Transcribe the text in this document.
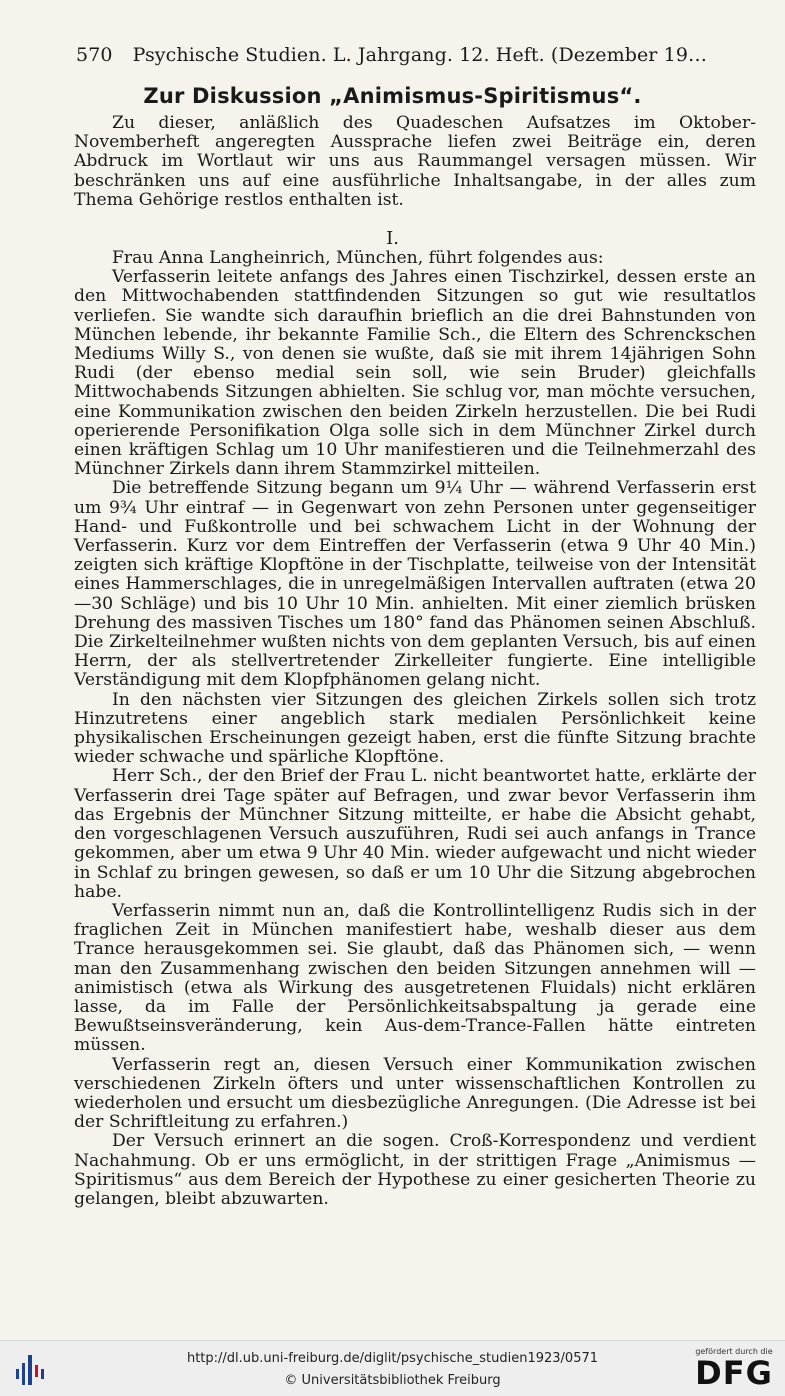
570 Psychische Studien. L. Jahrgang. 12. Heft. (Dezember 19…
Zur Diskussion „Animismus-Spiritismus“.

Zu dieser, anläßlich des Quadeschen Aufsatzes im Oktober-Novemberheft angeregten Aussprache liefen zwei Beiträge ein, deren Abdruck im Wortlaut wir uns aus Raummangel versagen müssen. Wir beschränken uns auf eine ausführliche Inhaltsangabe, in der alles zum Thema Gehörige restlos enthalten ist.

I.

Frau Anna Langheinrich, München, führt folgendes aus:

Verfasserin leitete anfangs des Jahres einen Tischzirkel, dessen erste an den Mittwochabenden stattfindenden Sitzungen so gut wie resultatlos verliefen. Sie wandte sich daraufhin brieflich an die drei Bahnstunden von München lebende, ihr bekannte Familie Sch., die Eltern des Schrenckschen Mediums Willy S., von denen sie wußte, daß sie mit ihrem 14jährigen Sohn Rudi (der ebenso medial sein soll, wie sein Bruder) gleichfalls Mittwochabends Sitzungen abhielten. Sie schlug vor, man möchte versuchen, eine Kommunikation zwischen den beiden Zirkeln herzustellen. Die bei Rudi operierende Personifikation Olga solle sich in dem Münchner Zirkel durch einen kräftigen Schlag um 10 Uhr manifestieren und die Teilnehmerzahl des Münchner Zirkels dann ihrem Stammzirkel mitteilen.

Die betreffende Sitzung begann um 9¼ Uhr — während Verfasserin erst um 9¾ Uhr eintraf — in Gegenwart von zehn Personen unter gegenseitiger Hand- und Fußkontrolle und bei schwachem Licht in der Wohnung der Verfasserin. Kurz vor dem Eintreffen der Verfasserin (etwa 9 Uhr 40 Min.) zeigten sich kräftige Klopftöne in der Tischplatte, teilweise von der Intensität eines Hammerschlages, die in unregelmäßigen Intervallen auftraten (etwa 20—30 Schläge) und bis 10 Uhr 10 Min. anhielten. Mit einer ziemlich brüsken Drehung des massiven Tisches um 180° fand das Phänomen seinen Abschluß. Die Zirkelteilnehmer wußten nichts von dem geplanten Versuch, bis auf einen Herrn, der als stellvertretender Zirkelleiter fungierte. Eine intelligible Verständigung mit dem Klopfphänomen gelang nicht.

In den nächsten vier Sitzungen des gleichen Zirkels sollen sich trotz Hinzutretens einer angeblich stark medialen Persönlichkeit keine physikalischen Erscheinungen gezeigt haben, erst die fünfte Sitzung brachte wieder schwache und spärliche Klopftöne.

Herr Sch., der den Brief der Frau L. nicht beantwortet hatte, erklärte der Verfasserin drei Tage später auf Befragen, und zwar bevor Verfasserin ihm das Ergebnis der Münchner Sitzung mitteilte, er habe die Absicht gehabt, den vorgeschlagenen Versuch auszuführen, Rudi sei auch anfangs in Trance gekommen, aber um etwa 9 Uhr 40 Min. wieder aufgewacht und nicht wieder in Schlaf zu bringen gewesen, so daß er um 10 Uhr die Sitzung abgebrochen habe.

Verfasserin nimmt nun an, daß die Kontrollintelligenz Rudis sich in der fraglichen Zeit in München manifestiert habe, weshalb dieser aus dem Trance herausgekommen sei. Sie glaubt, daß das Phänomen sich, — wenn man den Zusammenhang zwischen den beiden Sitzungen annehmen will — animistisch (etwa als Wirkung des ausgetretenen Fluidals) nicht erklären lasse, da im Falle der Persönlichkeitsabspaltung ja gerade eine Bewußtseinsveränderung, kein Aus-dem-Trance-Fallen hätte eintreten müssen.

Verfasserin regt an, diesen Versuch einer Kommunikation zwischen verschiedenen Zirkeln öfters und unter wissenschaftlichen Kontrollen zu wiederholen und ersucht um diesbezügliche Anregungen. (Die Adresse ist bei der Schriftleitung zu erfahren.)

Der Versuch erinnert an die sogen. Croß-Korrespondenz und verdient Nachahmung. Ob er uns ermöglicht, in der strittigen Frage „Animismus — Spiritismus“ aus dem Bereich der Hypothese zu einer gesicherten Theorie zu gelangen, bleibt abzuwarten.

http://dl.ub.uni-freiburg.de/diglit/psychische_studien1923/0571
© Universitätsbibliothek Freiburg
gefördert durch die
DFG
